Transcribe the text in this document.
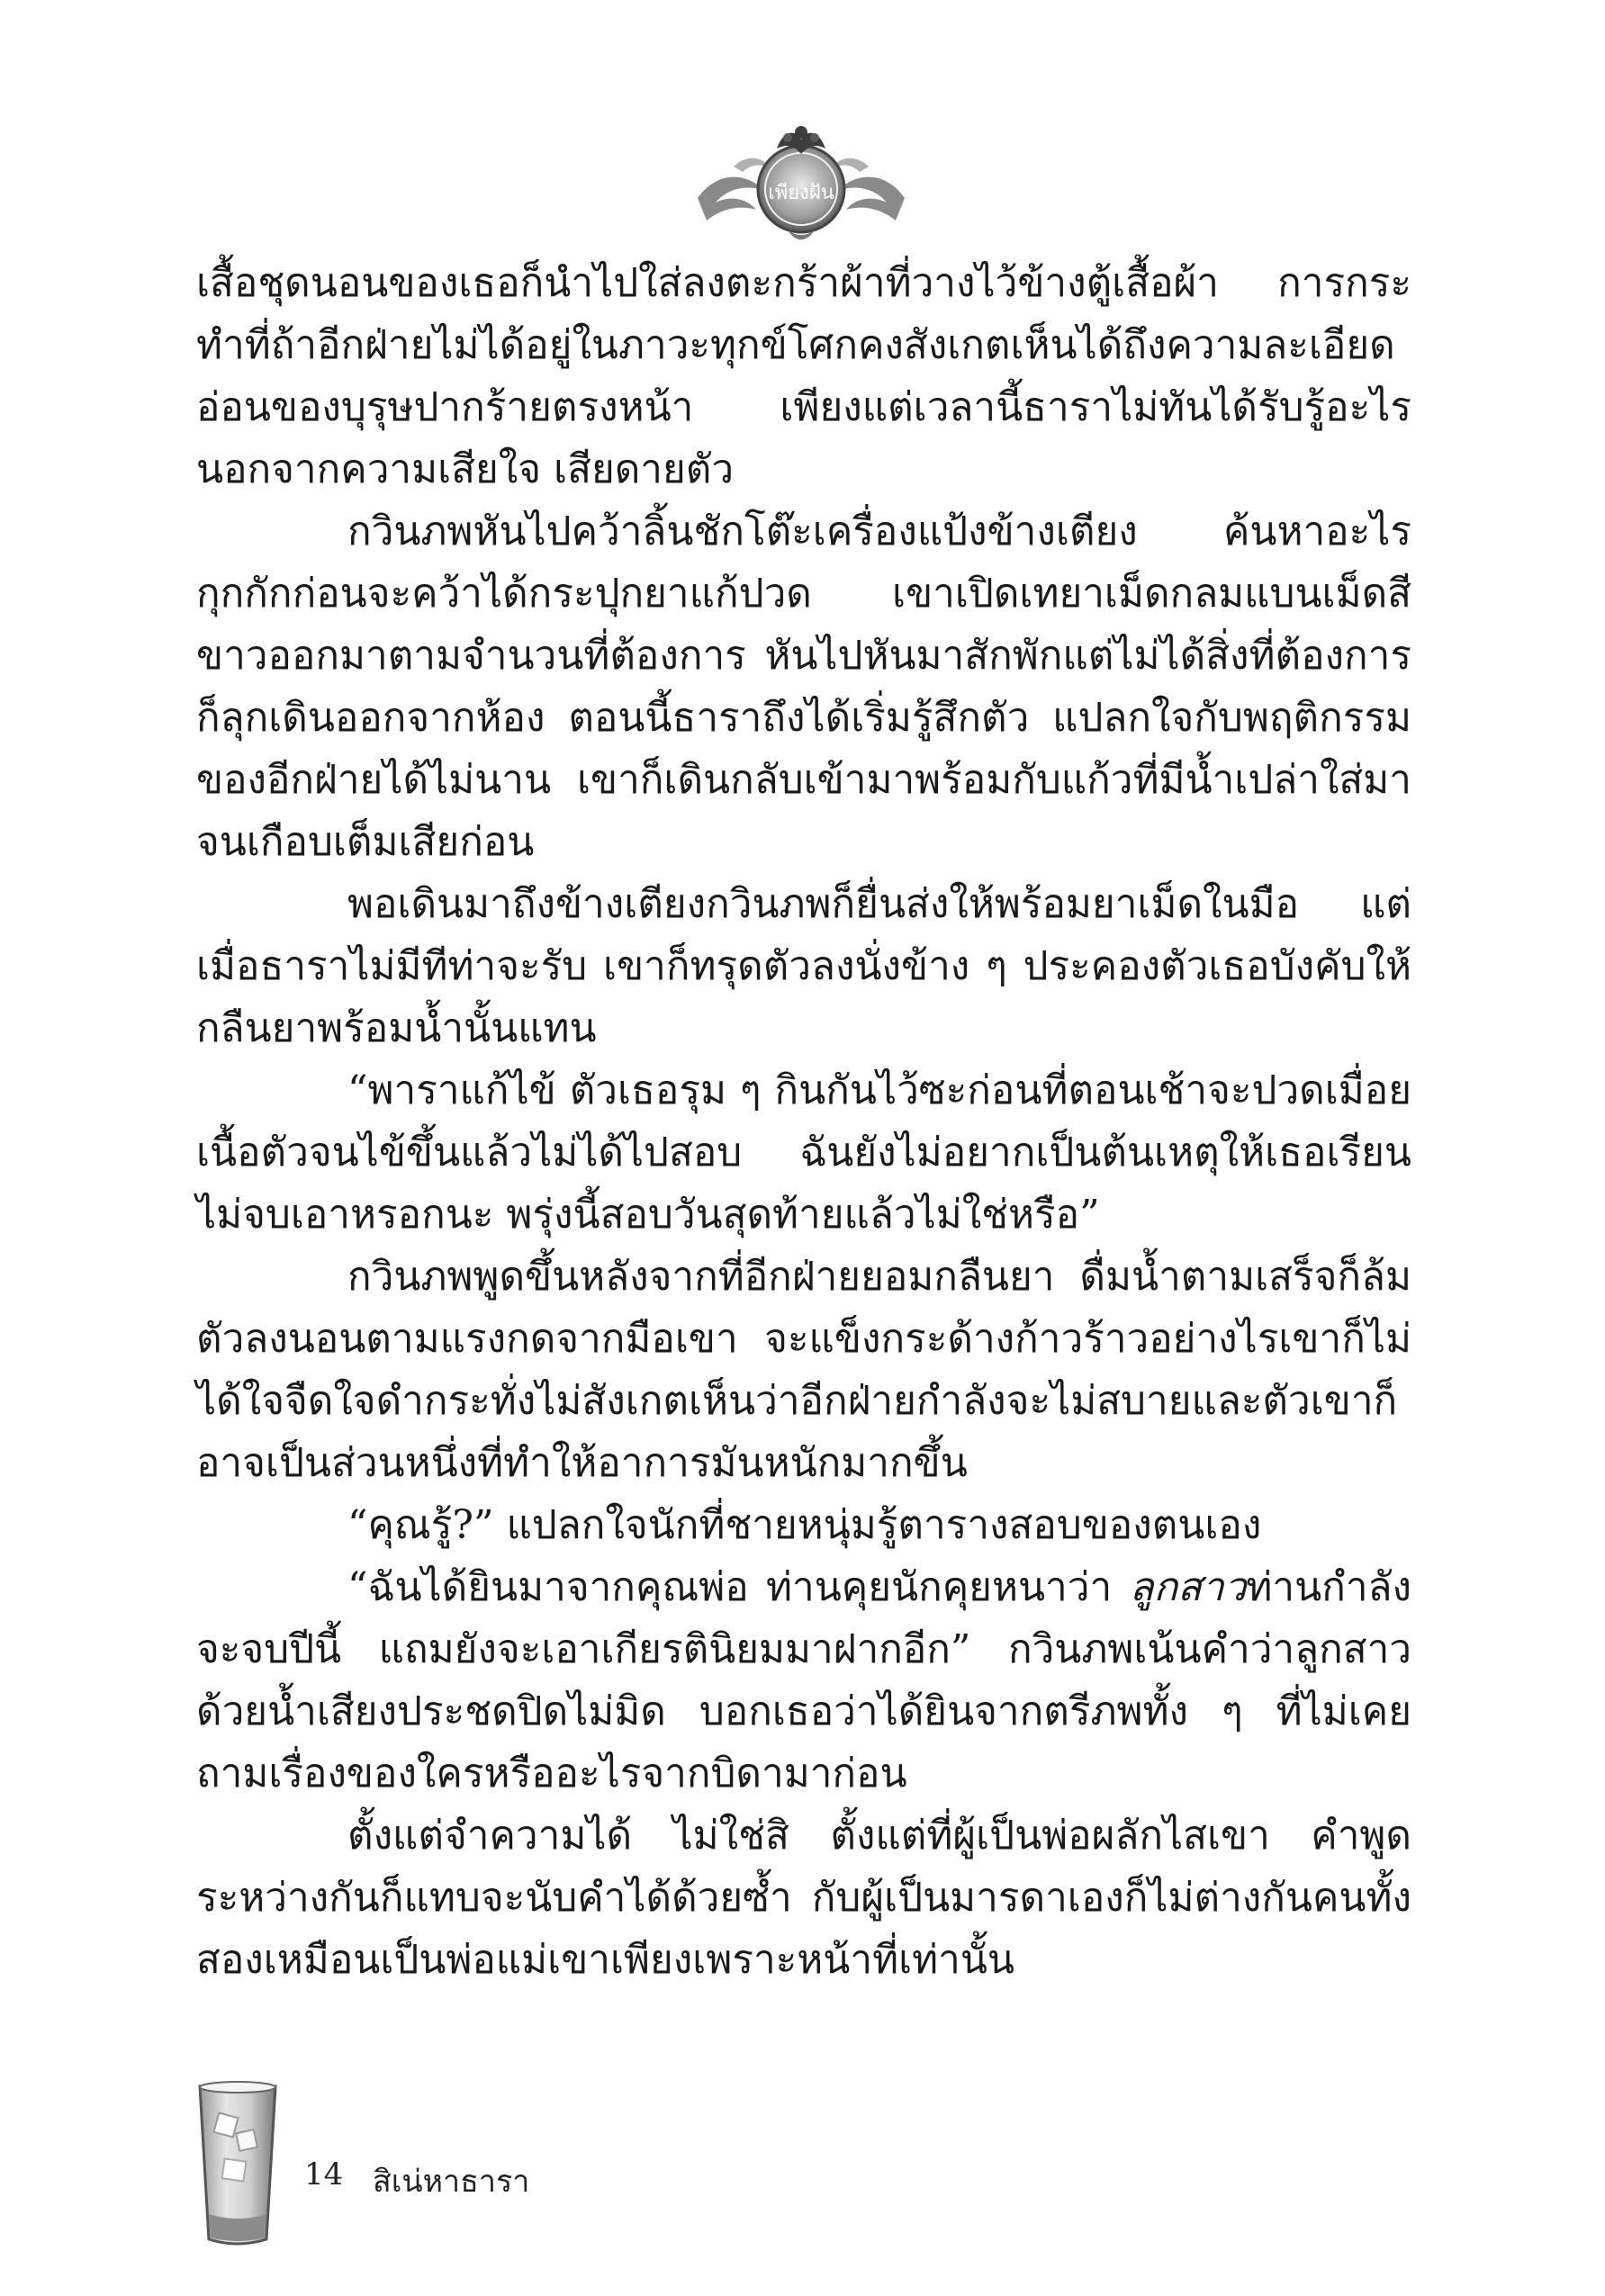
เพียงฝัน

เสื้อชุดนอนของเธอก็นำไปใส่ลงตะกร้าผ้าที่วางไว้ข้างตู้เสื้อผ้า การกระทำที่ถ้าอีกฝ่ายไม่ได้อยู่ในภาวะทุกข์โศกคงสังเกตเห็นได้ถึงความละเอียดอ่อนของบุรุษปากร้ายตรงหน้า เพียงแต่เวลานี้ธาราไม่ทันได้รับรู้อะไรนอกจากความเสียใจ เสียดายตัว

กวินภพหันไปคว้าลิ้นชักโต๊ะเครื่องแป้งข้างเตียง ค้นหาอะไรกุกกักก่อนจะคว้าได้กระปุกยาแก้ปวด เขาเปิดเทยาเม็ดกลมแบนเม็ดสีขาวออกมาตามจำนวนที่ต้องการ หันไปหันมาสักพักแต่ไม่ได้สิ่งที่ต้องการก็ลุกเดินออกจากห้อง ตอนนี้ธาราถึงได้เริ่มรู้สึกตัว แปลกใจกับพฤติกรรมของอีกฝ่ายได้ไม่นาน เขาก็เดินกลับเข้ามาพร้อมกับแก้วที่มีน้ำเปล่าใส่มาจนเกือบเต็มเสียก่อน

พอเดินมาถึงข้างเตียงกวินภพก็ยื่นส่งให้พร้อมยาเม็ดในมือ แต่เมื่อธาราไม่มีทีท่าจะรับ เขาก็ทรุดตัวลงนั่งข้าง ๆ ประคองตัวเธอบังคับให้กลืนยาพร้อมน้ำนั้นแทน

“พาราแก้ไข้ ตัวเธอรุม ๆ กินกันไว้ซะก่อนที่ตอนเช้าจะปวดเมื่อยเนื้อตัวจนไข้ขึ้นแล้วไม่ได้ไปสอบ ฉันยังไม่อยากเป็นต้นเหตุให้เธอเรียนไม่จบเอาหรอกนะ พรุ่งนี้สอบวันสุดท้ายแล้วไม่ใช่หรือ”

กวินภพพูดขึ้นหลังจากที่อีกฝ่ายยอมกลืนยา ดื่มน้ำตามเสร็จก็ล้มตัวลงนอนตามแรงกดจากมือเขา จะแข็งกระด้างก้าวร้าวอย่างไรเขาก็ไม่ได้ใจจืดใจดำกระทั่งไม่สังเกตเห็นว่าอีกฝ่ายกำลังจะไม่สบายและตัวเขาก็อาจเป็นส่วนหนึ่งที่ทำให้อาการมันหนักมากขึ้น

“คุณรู้?” แปลกใจนักที่ชายหนุ่มรู้ตารางสอบของตนเอง

“ฉันได้ยินมาจากคุณพ่อ ท่านคุยนักคุยหนาว่า ลูกสาวท่านกำลังจะจบปีนี้ แถมยังจะเอาเกียรตินิยมมาฝากอีก” กวินภพเน้นคำว่าลูกสาวด้วยน้ำเสียงประชดปิดไม่มิด บอกเธอว่าได้ยินจากตรีภพทั้ง ๆ ที่ไม่เคยถามเรื่องของใครหรืออะไรจากบิดามาก่อน

ตั้งแต่จำความได้ ไม่ใช่สิ ตั้งแต่ที่ผู้เป็นพ่อผลักไสเขา คำพูดระหว่างกันก็แทบจะนับคำได้ด้วยซ้ำ กับผู้เป็นมารดาเองก็ไม่ต่างกันคนทั้งสองเหมือนเป็นพ่อแม่เขาเพียงเพราะหน้าที่เท่านั้น

14 สิเน่หาธารา
